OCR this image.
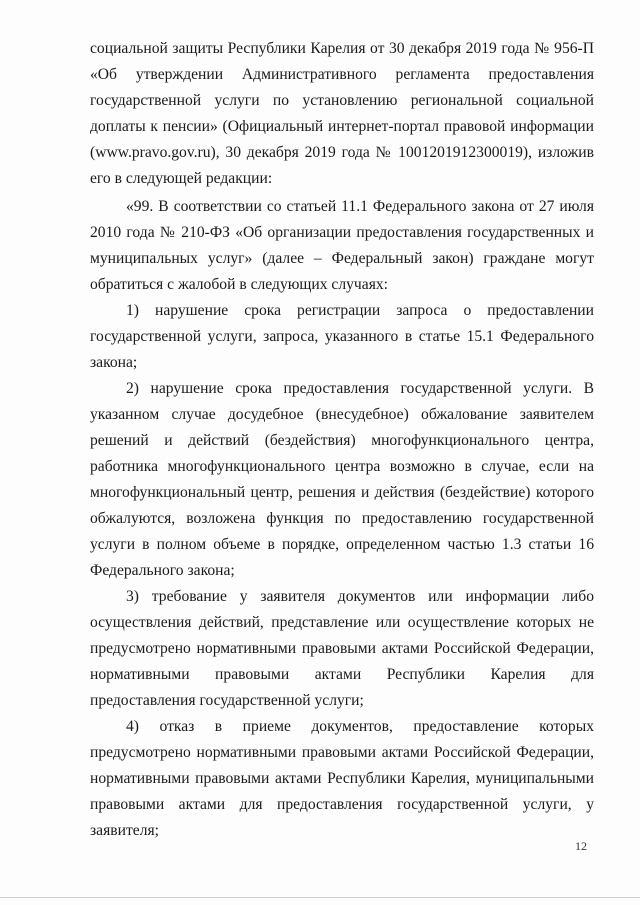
социальной защиты Республики Карелия от 30 декабря 2019 года № 956-П «Об утверждении Административного регламента предоставления государственной услуги по установлению региональной социальной доплаты к пенсии» (Официальный интернет-портал правовой информации (www.pravo.gov.ru), 30 декабря 2019 года № 1001201912300019), изложив его в следующей редакции:

«99. В соответствии со статьей 11.1 Федерального закона от 27 июля 2010 года № 210-ФЗ «Об организации предоставления государственных и муниципальных услуг» (далее – Федеральный закон) граждане могут обратиться с жалобой в следующих случаях:

1) нарушение срока регистрации запроса о предоставлении государственной услуги, запроса, указанного в статье 15.1 Федерального закона;

2) нарушение срока предоставления государственной услуги. В указанном случае досудебное (внесудебное) обжалование заявителем решений и действий (бездействия) многофункционального центра, работника многофункционального центра возможно в случае, если на многофункциональный центр, решения и действия (бездействие) которого обжалуются, возложена функция по предоставлению государственной услуги в полном объеме в порядке, определенном частью 1.3 статьи 16 Федерального закона;

3) требование у заявителя документов или информации либо осуществления действий, представление или осуществление которых не предусмотрено нормативными правовыми актами Российской Федерации, нормативными правовыми актами Республики Карелия для предоставления государственной услуги;

4) отказ в приеме документов, предоставление которых предусмотрено нормативными правовыми актами Российской Федерации, нормативными правовыми актами Республики Карелия, муниципальными правовыми актами для предоставления государственной услуги, у заявителя;

12
